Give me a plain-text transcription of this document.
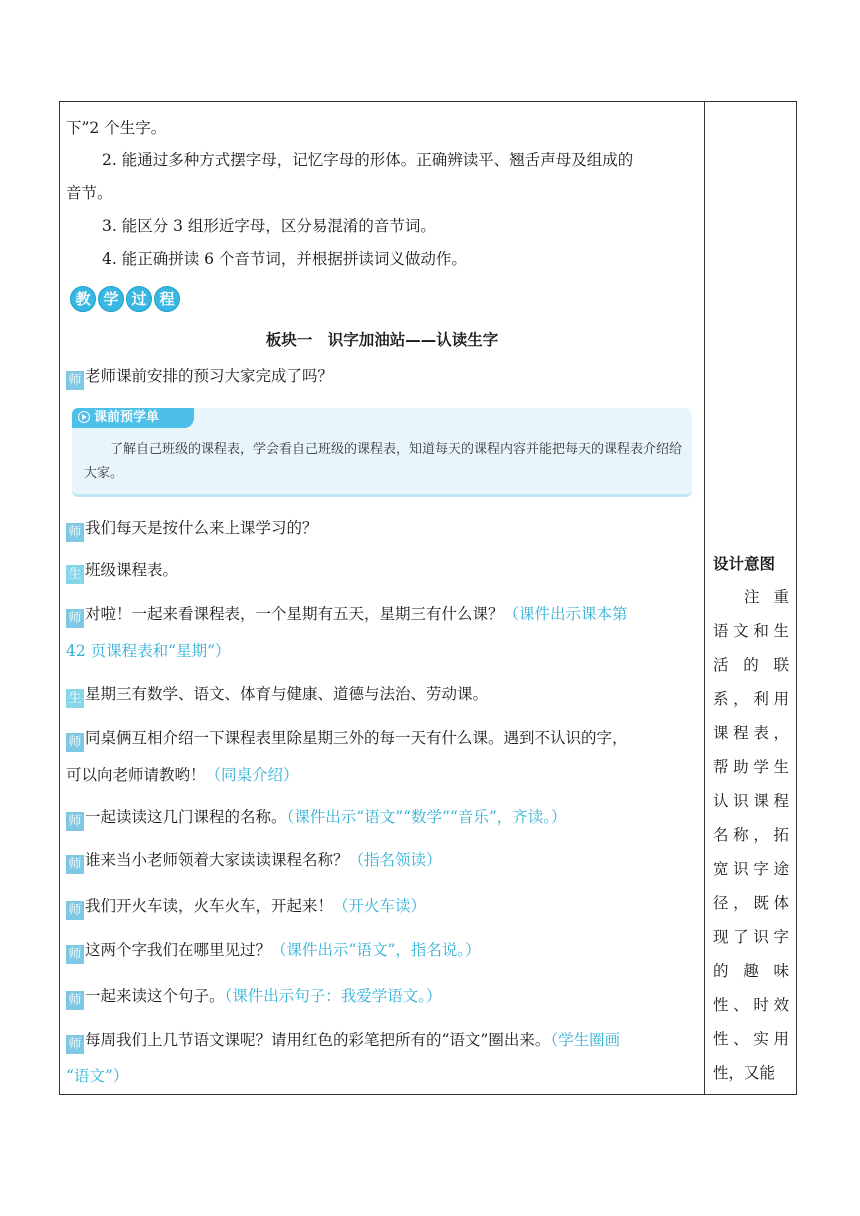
下”2 个生字。
2. 能通过多种方式摆字母，记忆字母的形体。正确辨读平、翘舌声母及组成的
音节。
3. 能区分 3 组形近字母，区分易混淆的音节词。
4. 能正确拼读 6 个音节词，并根据拼读词义做动作。
教 学 过 程
板块一　识字加油站——认读生字
师 老师课前安排的预习大家完成了吗？
课前预学单
了解自己班级的课程表，学会看自己班级的课程表，知道每天的课程内容并能把每天的课程表介绍给大家。
师 我们每天是按什么来上课学习的？
生 班级课程表。
师 对啦！一起来看课程表，一个星期有五天，星期三有什么课？（课件出示课本第
42 页课程表和“星期”）
生 星期三有数学、语文、体育与健康、道德与法治、劳动课。
师 同桌俩互相介绍一下课程表里除星期三外的每一天有什么课。遇到不认识的字，
可以向老师请教哟！（同桌介绍）
师 一起读读这几门课程的名称。（课件出示“语文”“数学”“音乐”，齐读。）
师 谁来当小老师领着大家读读课程名称？（指名领读）
师 我们开火车读，火车火车，开起来！（开火车读）
师 这两个字我们在哪里见过？（课件出示“语文”，指名说。）
师 一起来读这个句子。（课件出示句子：我爱学语文。）
师 每周我们上几节语文课呢？请用红色的彩笔把所有的“语文”圈出来。（学生圈画
“语文”）
设计意图
注重语文和生活的联系，利用课程表，帮助学生认识课程名称，拓宽识字途径，既体现了识字的趣味性、时效性、实用性，又能
